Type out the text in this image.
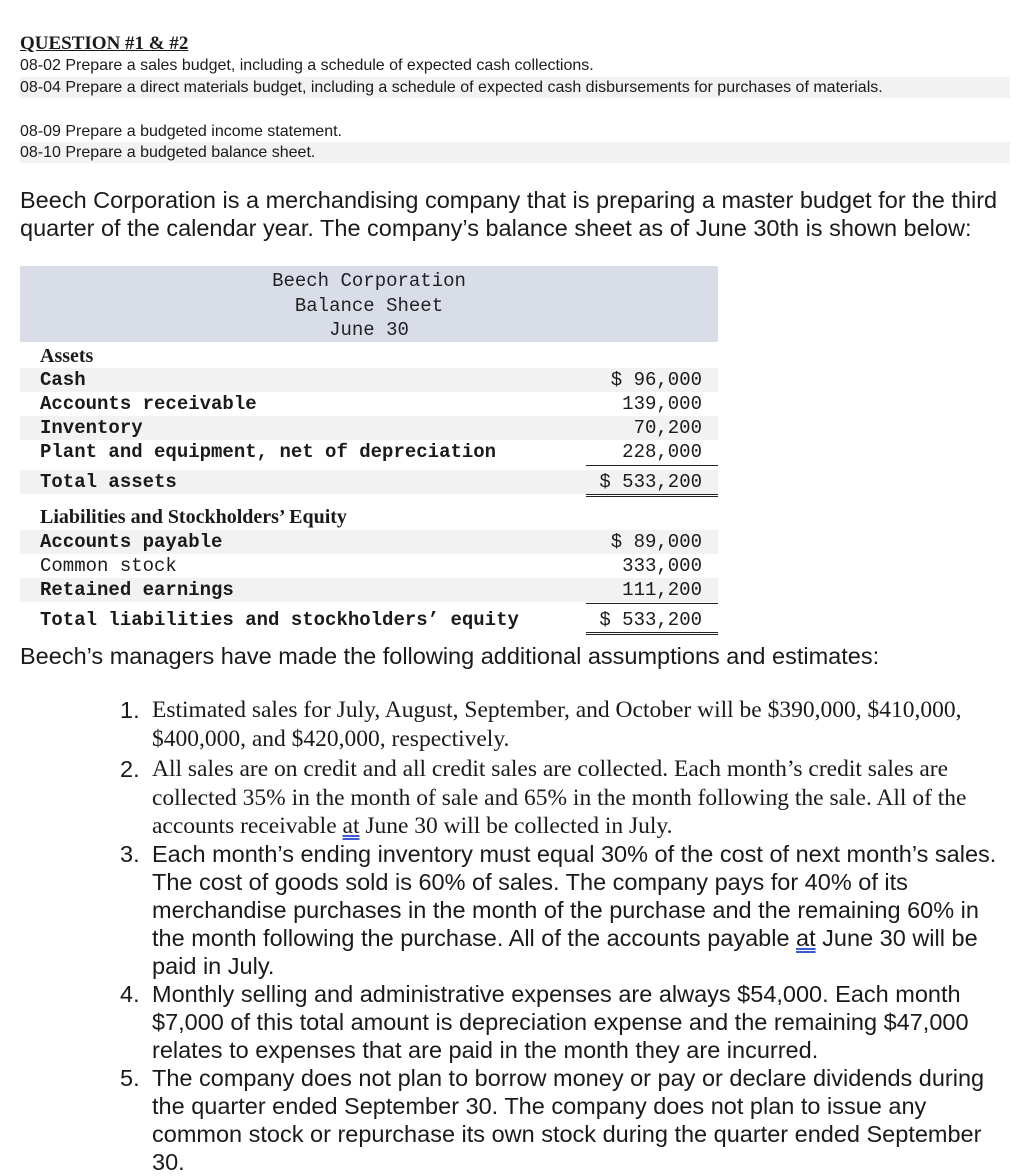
QUESTION #1 & #2
08-02 Prepare a sales budget, including a schedule of expected cash collections.
08-04 Prepare a direct materials budget, including a schedule of expected cash disbursements for purchases of materials.
08-09 Prepare a budgeted income statement.
08-10 Prepare a budgeted balance sheet.
Beech Corporation is a merchandising company that is preparing a master budget for the third quarter of the calendar year. The company’s balance sheet as of June 30th is shown below:
Beech Corporation
Balance Sheet
June 30
Assets
Cash	$ 96,000
Accounts receivable	139,000
Inventory	70,200
Plant and equipment, net of depreciation	228,000
Total assets	$ 533,200
Liabilities and Stockholders’ Equity
Accounts payable	$ 89,000
Common stock	333,000
Retained earnings	111,200
Total liabilities and stockholders’ equity	$ 533,200
Beech’s managers have made the following additional assumptions and estimates:
1. Estimated sales for July, August, September, and October will be $390,000, $410,000, $400,000, and $420,000, respectively.
2. All sales are on credit and all credit sales are collected. Each month’s credit sales are collected 35% in the month of sale and 65% in the month following the sale. All of the accounts receivable at June 30 will be collected in July.
3. Each month’s ending inventory must equal 30% of the cost of next month’s sales. The cost of goods sold is 60% of sales. The company pays for 40% of its merchandise purchases in the month of the purchase and the remaining 60% in the month following the purchase. All of the accounts payable at June 30 will be paid in July.
4. Monthly selling and administrative expenses are always $54,000. Each month $7,000 of this total amount is depreciation expense and the remaining $47,000 relates to expenses that are paid in the month they are incurred.
5. The company does not plan to borrow money or pay or declare dividends during the quarter ended September 30. The company does not plan to issue any common stock or repurchase its own stock during the quarter ended September 30.
